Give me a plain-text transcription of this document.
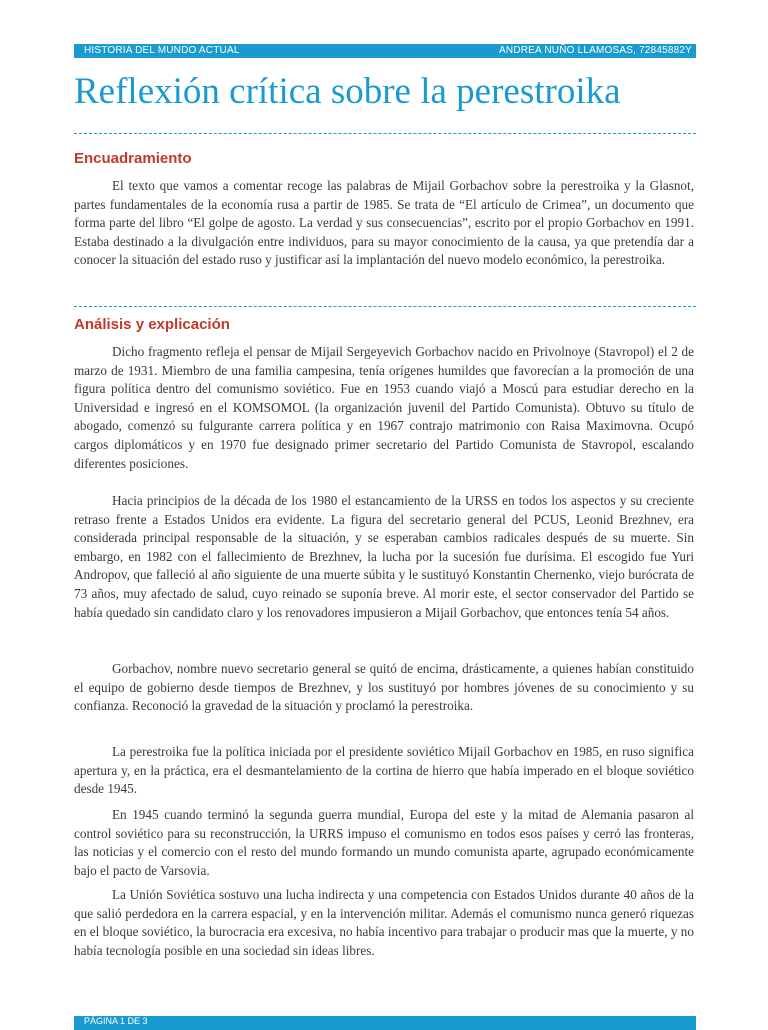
HISTORIA DEL MUNDO ACTUAL	ANDREA NUÑO LLAMOSAS, 72845882Y
Reflexión crítica sobre la perestroika
Encuadramiento

El texto que vamos a comentar recoge las palabras de Mijail Gorbachov sobre la perestroika y la Glasnot, partes fundamentales de la economía rusa a partir de 1985. Se trata de “El artículo de Crimea”, un documento que forma parte del libro “El golpe de agosto. La verdad y sus consecuencias”, escrito por el propio Gorbachov en 1991. Estaba destinado a la divulgación entre individuos, para su mayor conocimiento de la causa, ya que pretendía dar a conocer la situación del estado ruso y justificar así la implantación del nuevo modelo económico, la perestroika.

Análisis y explicación

Dicho fragmento refleja el pensar de Mijail Sergeyevich Gorbachov nacido en Privolnoye (Stavropol) el 2 de marzo de 1931. Miembro de una familia campesina, tenía orígenes humildes que favorecían a la promoción de una figura política dentro del comunismo soviético. Fue en 1953 cuando viajó a Moscú para estudiar derecho en la Universidad e ingresó en el KOMSOMOL (la organización juvenil del Partido Comunista). Obtuvo su título de abogado, comenzó su fulgurante carrera política y en 1967 contrajo matrimonio con Raisa Maximovna. Ocupó cargos diplomáticos y en 1970 fue designado primer secretario del Partido Comunista de Stavropol, escalando diferentes posiciones.

Hacia principios de la década de los 1980 el estancamiento de la URSS en todos los aspectos y su creciente retraso frente a Estados Unidos era evidente. La figura del secretario general del PCUS, Leonid Brezhnev, era considerada principal responsable de la situación, y se esperaban cambios radicales después de su muerte. Sin embargo, en 1982 con el fallecimiento de Brezhnev, la lucha por la sucesión fue durísima. El escogido fue Yuri Andropov, que falleció al año siguiente de una muerte súbita y le sustituyó Konstantin Chernenko, viejo burócrata de 73 años, muy afectado de salud, cuyo reinado se suponía breve. Al morir este, el sector conservador del Partido se había quedado sin candidato claro y los renovadores impusieron a Mijail Gorbachov, que entonces tenía 54 años.

Gorbachov, nombre nuevo secretario general se quitó de encima, drásticamente, a quienes habían constituido el equipo de gobierno desde tiempos de Brezhnev, y los sustituyó por hombres jóvenes de su conocimiento y su confianza. Reconoció la gravedad de la situación y proclamó la perestroika.

La perestroika fue la política iniciada por el presidente soviético Mijail Gorbachov en 1985, en ruso significa apertura y, en la práctica, era el desmantelamiento de la cortina de hierro que había imperado en el bloque soviético desde 1945.

En 1945 cuando terminó la segunda guerra mundial, Europa del este y la mitad de Alemania pasaron al control soviético para su reconstrucción, la URRS impuso el comunismo en todos esos países y cerró las fronteras, las noticias y el comercio con el resto del mundo formando un mundo comunista aparte, agrupado económicamente bajo el pacto de Varsovia.

La Unión Soviética sostuvo una lucha indirecta y una competencia con Estados Unidos durante 40 años de la que salió perdedora en la carrera espacial, y en la intervención militar. Además el comunismo nunca generó riquezas en el bloque soviético, la burocracia era excesiva, no había incentivo para trabajar o producir mas que la muerte, y no había tecnología posible en una sociedad sin ideas libres.

PÁGINA 1 DE 3
